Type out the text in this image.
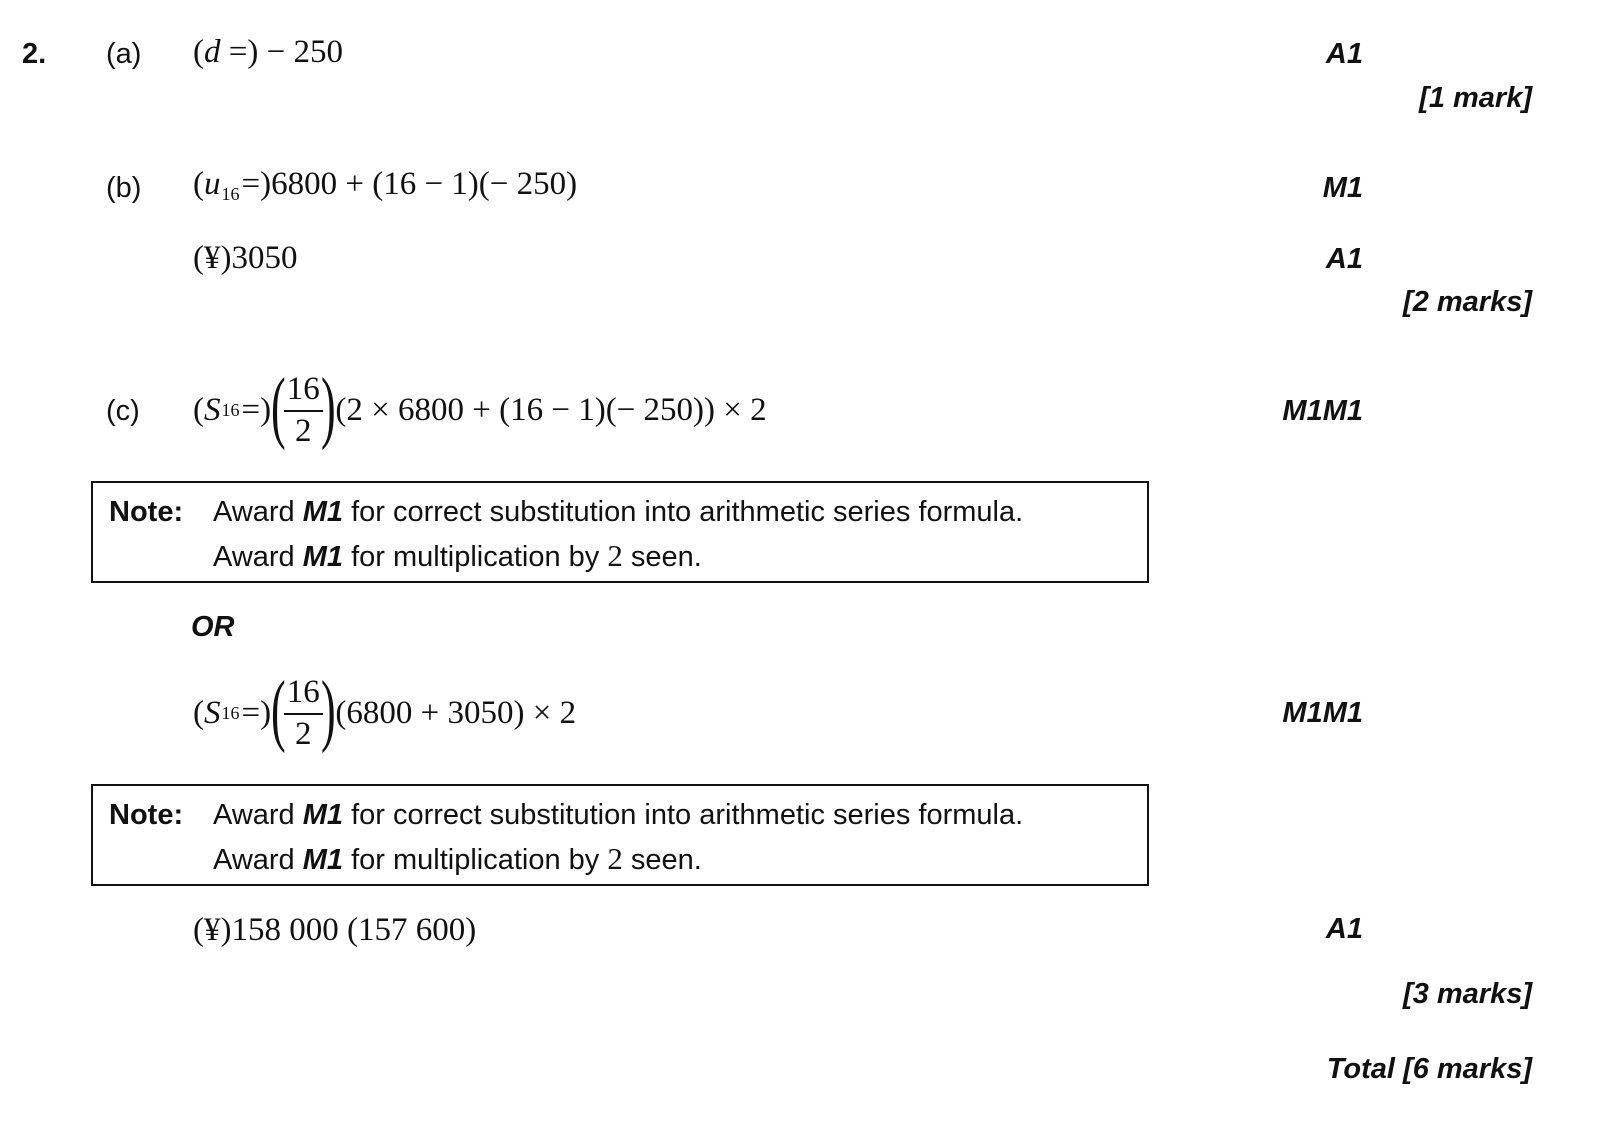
2. (a) (d =) − 250	A1
[1 mark]
(b) $(u_{16}=)6800 + (16 - 1)(- 250)$	M1
(¥)3050	A1
[2 marks]
(c) ( S 16 =) (
$\frac{16}{2}$
) (2 × 6800 + (16 − 1)(− 250)) × 2	M1M1
Note: Award M1 for correct substitution into arithmetic series formula.
Award M1 for multiplication by 2 seen.
OR
( S 16 =) (
$\frac{16}{2}$
) (6800 + 3050) × 2	M1M1
Note: Award M1 for correct substitution into arithmetic series formula.
Award M1 for multiplication by 2 seen.
(¥)158 000 (157 600)	A1
[3 marks]
Total [6 marks]
